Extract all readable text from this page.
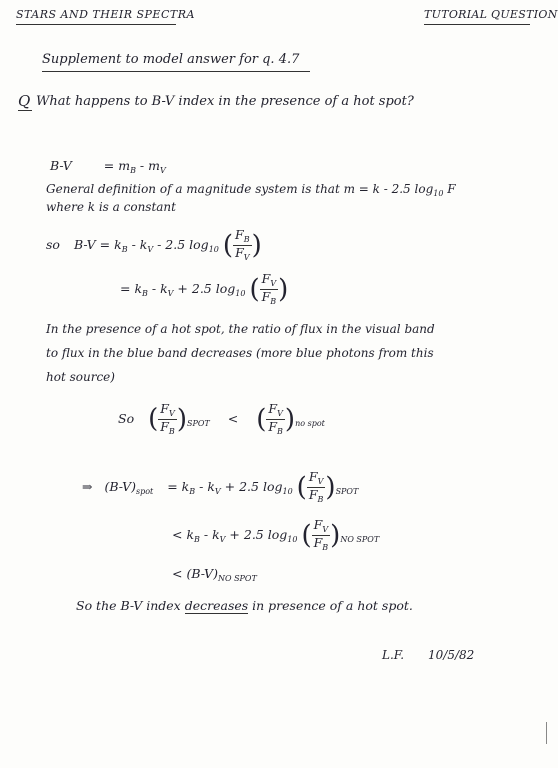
STARS AND THEIR SPECTRA	TUTORIAL QUESTION
Supplement to model answer for q. 4.7
Q What happens to B-V index in the presence of a hot spot?
B-V	= $m_B - m_V$
General definition of a magnitude system is that m = k - 2.5 $\log_{10} F$
where k is a constant
so $B-V = k_B - k_V - 2.5$ $\log_{10}$ ( $\frac{F_B}{F_V}$ )
= $k_B - k_V + 2.5$ $\log_{10}$ ( $\frac{F_V}{F_B}$ )
In the presence of a hot spot, the ratio of flux in the visual band
to flux in the blue band decreases (more blue photons from this
hot source)
So ( $\frac{F_V}{F_B} )_{SPOT}$ < ( $\frac{F_V}{F_B} )_{no spot}$
⇒ $(B-V)_{spot} = k_B - k_V + 2.5$ $\log_{10}$ ( $\frac{F_V}{F_B} )_{SPOT}$
< $k_B - k_V + 2.5$ $\log_{10}$ ( $\frac{F_V}{F_B} )_{NO SPOT}$
< $(B-V)_{NO SPOT}$
So the B-V index decreases in presence of a hot spot.
L.F. 10/5/82
